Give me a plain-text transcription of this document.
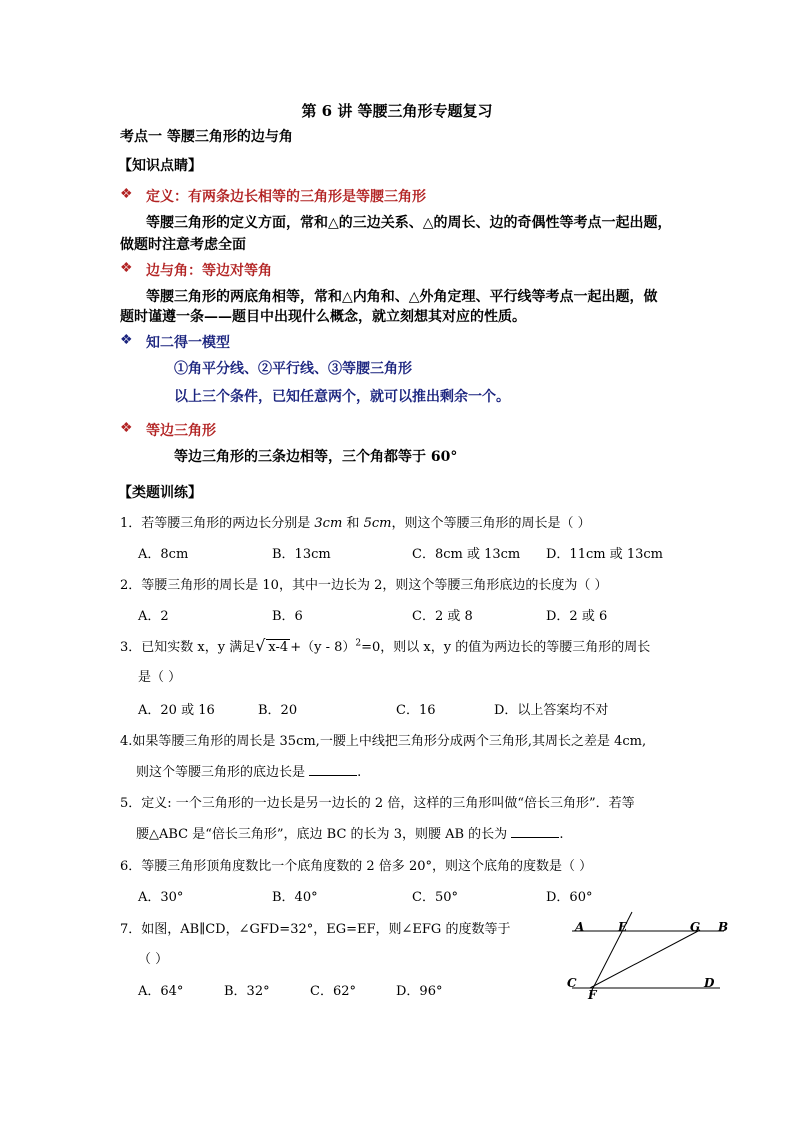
第 6 讲 等腰三角形专题复习
考点一 等腰三角形的边与角
【知识点睛】
❖ 定义：有两条边长相等的三角形是等腰三角形
等腰三角形的定义方面，常和△的三边关系、△的周长、边的奇偶性等考点一起出题，
做题时注意考虑全面
❖ 边与角：等边对等角
等腰三角形的两底角相等，常和△内角和、△外角定理、平行线等考点一起出题，做
题时谨遵一条——题目中出现什么概念，就立刻想其对应的性质。
❖ 知二得一模型
①角平分线、②平行线、③等腰三角形
以上三个条件，已知任意两个，就可以推出剩余一个。
❖ 等边三角形
等边三角形的三条边相等，三个角都等于 60°
【类题训练】
1．若等腰三角形的两边长分别是 3cm 和 5cm，则这个等腰三角形的周长是（ ）
A．8cm	B．13cm	C．8cm 或 13cm D．11cm 或 13cm
2．等腰三角形的周长是 10，其中一边长为 2，则这个等腰三角形底边的长度为（ ）
A．2	B．6	C．2 或 8	D．2 或 6
3．已知实数 x，y 满足√ x-4 +（y - 8）$^2$=0，则以 x，y 的值为两边长的等腰三角形的周长
是（ ）
A．20 或 16	B．20	C．16	D．以上答案均不对
4.如果等腰三角形的周长是 35cm,一腰上中线把三角形分成两个三角形,其周长之差是 4cm,
则这个等腰三角形的底边长是	.
5．定义: 一个三角形的一边长是另一边长的 2 倍，这样的三角形叫做“倍长三角形”．若等
腰△ABC 是“倍长三角形”，底边 BC 的长为 3，则腰 AB 的长为	.
6．等腰三角形顶角度数比一个底角度数的 2 倍多 20°，则这个底角的度数是（ ）
A．30°	B．40°	C．50°	D．60°
7．如图，AB∥CD，∠GFD=32°，EG=EF，则∠EFG 的度数等于
（ ）
A．64°	B．32°	C．62°	D．96°
A	E	G B
C
F
D
